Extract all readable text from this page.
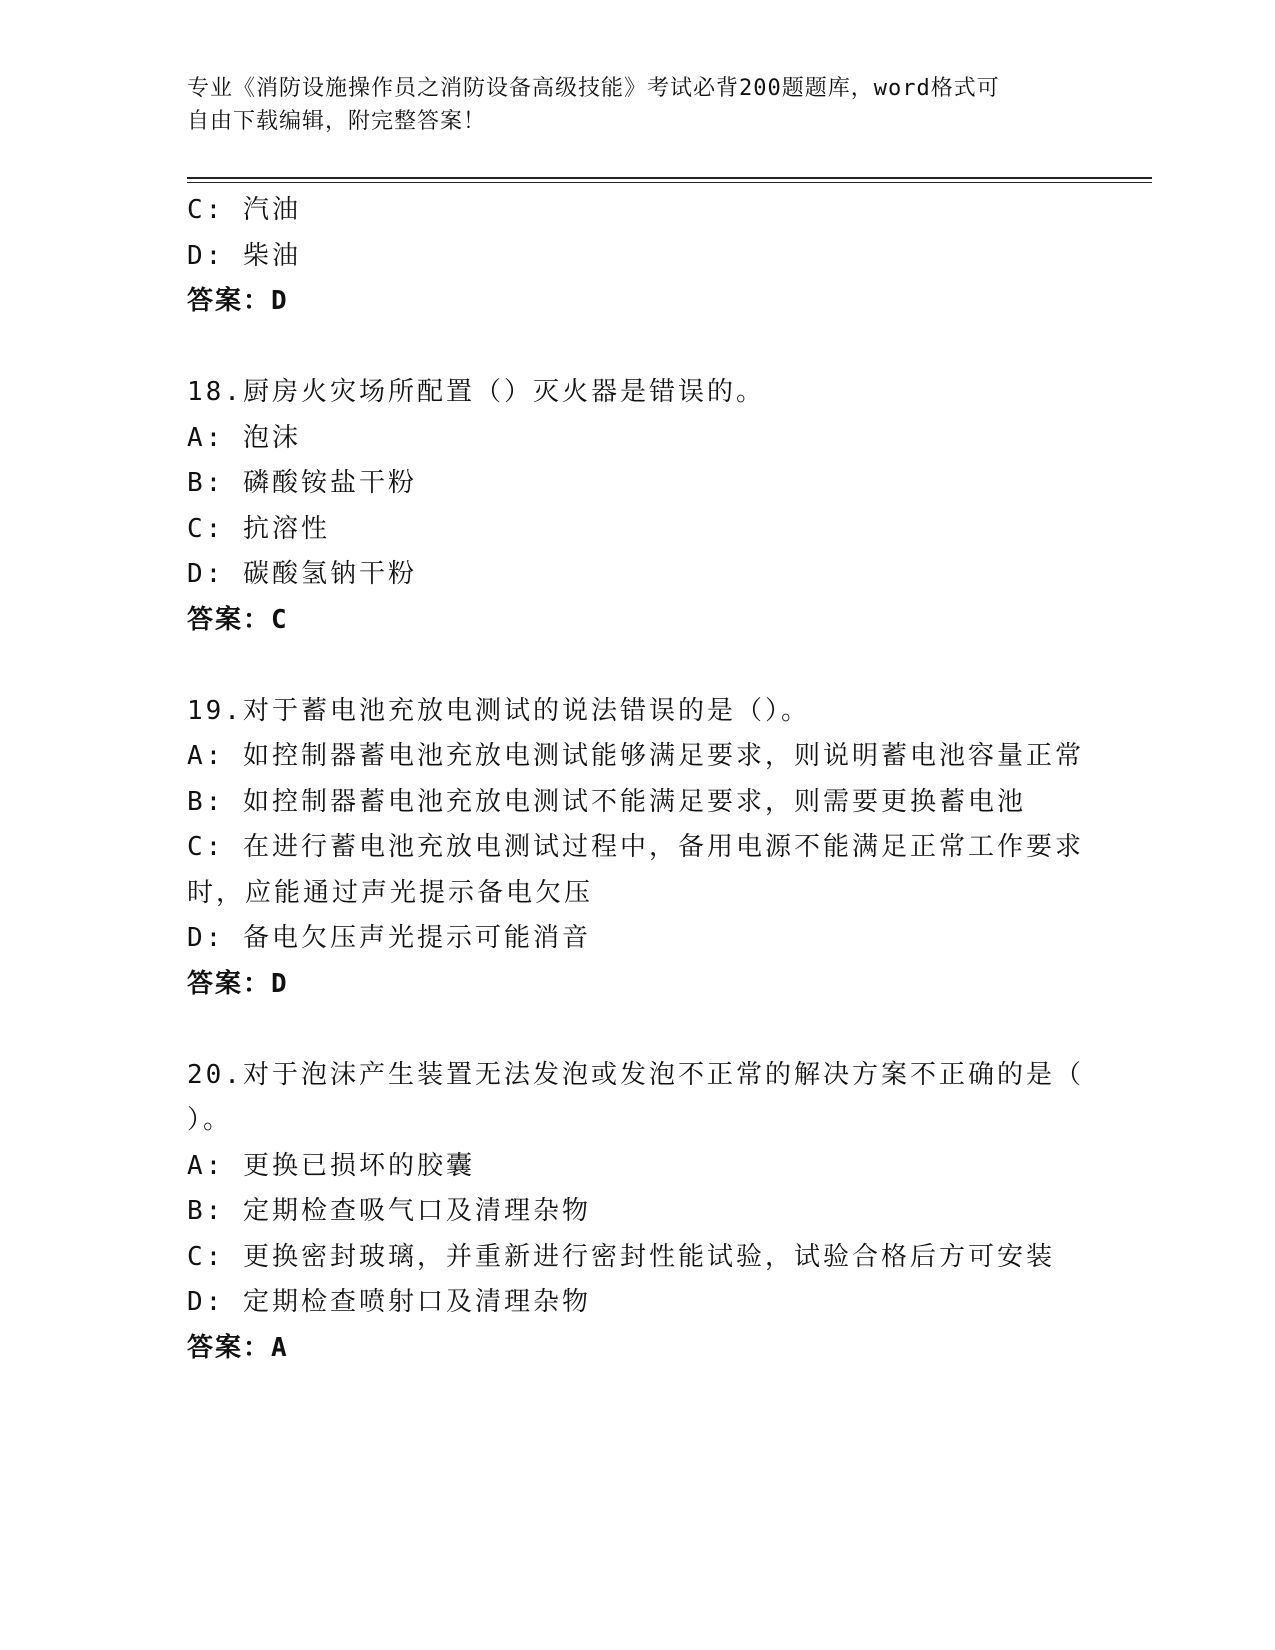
专业《消防设施操作员之消防设备高级技能》考试必背200题题库，word格式可
自由下载编辑，附完整答案！
C: 汽油
D: 柴油
答案：D
18.厨房火灾场所配置（）灭火器是错误的。
A: 泡沫
B: 磷酸铵盐干粉
C: 抗溶性
D: 碳酸氢钠干粉
答案：C
19.对于蓄电池充放电测试的说法错误的是（）。
A: 如控制器蓄电池充放电测试能够满足要求，则说明蓄电池容量正常
B: 如控制器蓄电池充放电测试不能满足要求，则需要更换蓄电池
C: 在进行蓄电池充放电测试过程中，备用电源不能满足正常工作要求
时，应能通过声光提示备电欠压
D: 备电欠压声光提示可能消音
答案：D
20.对于泡沫产生装置无法发泡或发泡不正常的解决方案不正确的是（
）。
A: 更换已损坏的胶囊
B: 定期检查吸气口及清理杂物
C: 更换密封玻璃，并重新进行密封性能试验，试验合格后方可安装
D: 定期检查喷射口及清理杂物
答案：A
